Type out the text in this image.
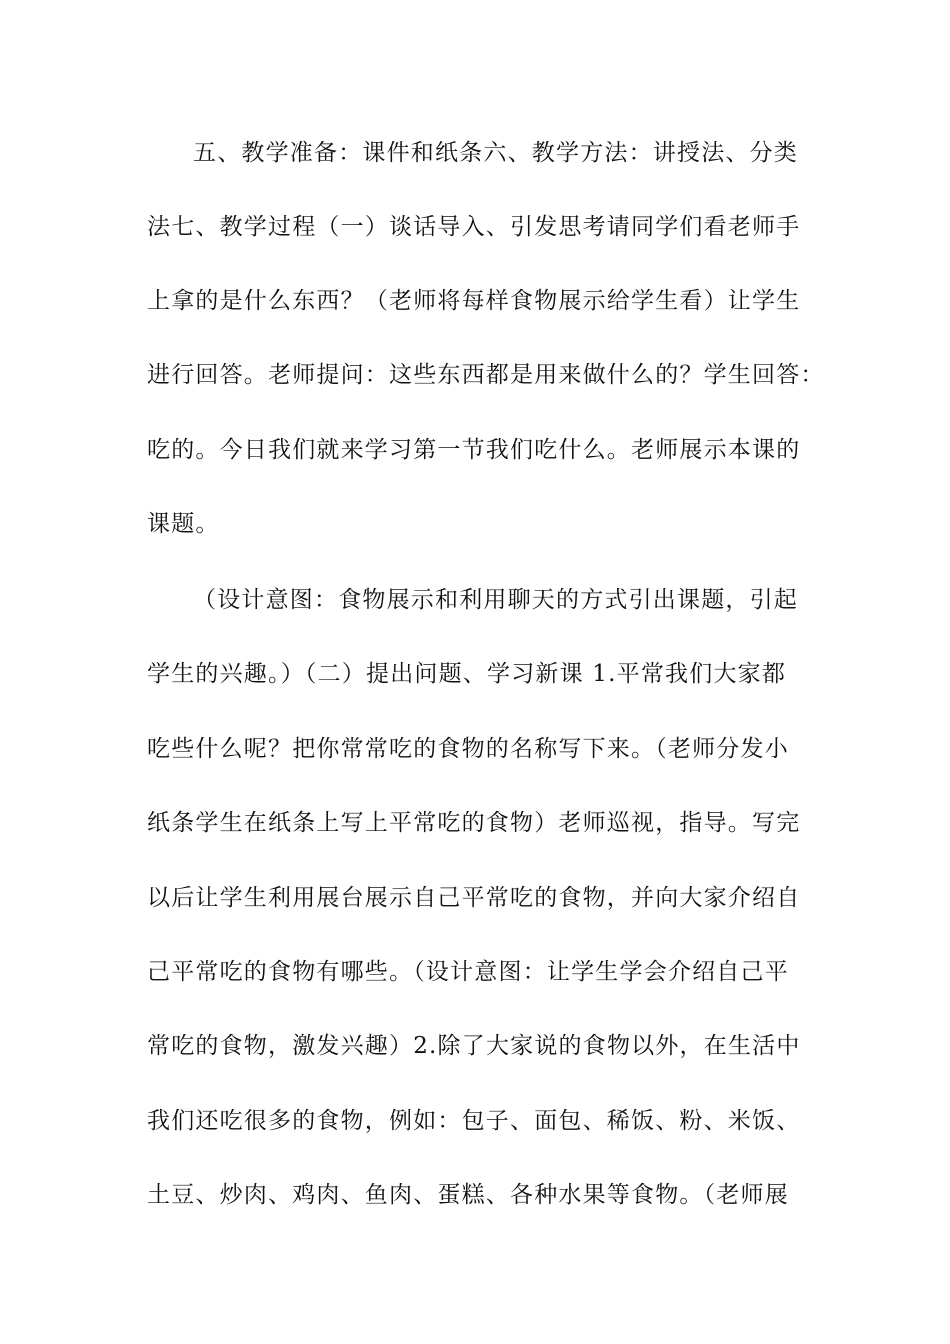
五、教学准备：课件和纸条六、教学方法：讲授法、分类
法七、教学过程（一）谈话导入、引发思考请同学们看老师手
上拿的是什么东西？（老师将每样食物展示给学生看）让学生
进行回答。老师提问：这些东西都是用来做什么的？学生回答：
吃的。今日我们就来学习第一节我们吃什么。老师展示本课的
课题。
（设计意图：食物展示和利用聊天的方式引出课题，引起
学生的兴趣。）（二）提出问题、学习新课 1.平常我们大家都
吃些什么呢？把你常常吃的食物的名称写下来。（老师分发小
纸条学生在纸条上写上平常吃的食物）老师巡视，指导。写完
以后让学生利用展台展示自己平常吃的食物，并向大家介绍自
己平常吃的食物有哪些。（设计意图：让学生学会介绍自己平
常吃的食物，激发兴趣）2.除了大家说的食物以外，在生活中
我们还吃很多的食物，例如：包子、面包、稀饭、粉、米饭、
土豆、炒肉、鸡肉、鱼肉、蛋糕、各种水果等食物。（老师展
